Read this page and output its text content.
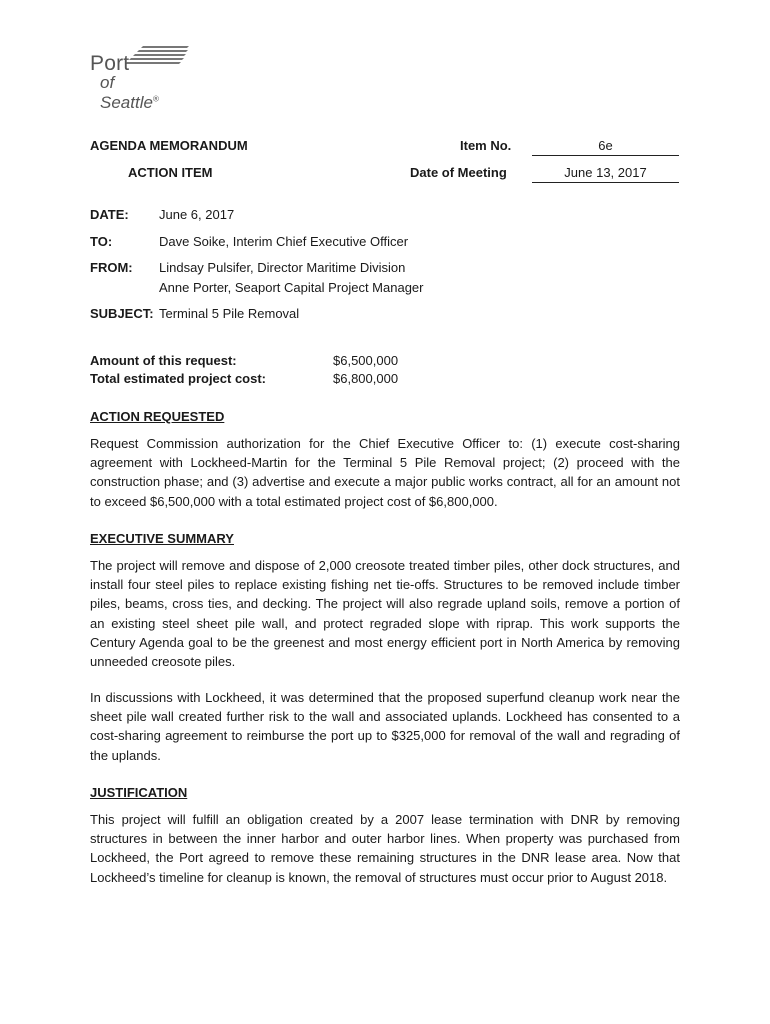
Port
of Seattle®
AGENDA MEMORANDUM
ACTION ITEM
Item No.	6e
Date of Meeting	June 13, 2017
DATE: June 6, 2017
TO:	Dave Soike, Interim Chief Executive Officer
FROM: Lindsay Pulsifer, Director Maritime Division
Anne Porter, Seaport Capital Project Manager
SUBJECT: Terminal 5 Pile Removal
Amount of this request:	$6,500,000
Total estimated project cost:	$6,800,000
ACTION REQUESTED

Request Commission authorization for the Chief Executive Officer to: (1) execute cost-sharing agreement with Lockheed-Martin for the Terminal 5 Pile Removal project; (2) proceed with the construction phase; and (3) advertise and execute a major public works contract, all for an amount not to exceed $6,500,000 with a total estimated project cost of $6,800,000.

EXECUTIVE SUMMARY

The project will remove and dispose of 2,000 creosote treated timber piles, other dock structures, and install four steel piles to replace existing fishing net tie-offs. Structures to be removed include timber piles, beams, cross ties, and decking. The project will also regrade upland soils, remove a portion of an existing steel sheet pile wall, and protect regraded slope with riprap. This work supports the Century Agenda goal to be the greenest and most energy efficient port in North America by removing unneeded creosote piles.

In discussions with Lockheed, it was determined that the proposed superfund cleanup work near the sheet pile wall created further risk to the wall and associated uplands. Lockheed has consented to a cost-sharing agreement to reimburse the port up to $325,000 for removal of the wall and regrading of the uplands.

JUSTIFICATION

This project will fulfill an obligation created by a 2007 lease termination with DNR by removing structures in between the inner harbor and outer harbor lines. When property was purchased from Lockheed, the Port agreed to remove these remaining structures in the DNR lease area. Now that Lockheed’s timeline for cleanup is known, the removal of structures must occur prior to August 2018.
